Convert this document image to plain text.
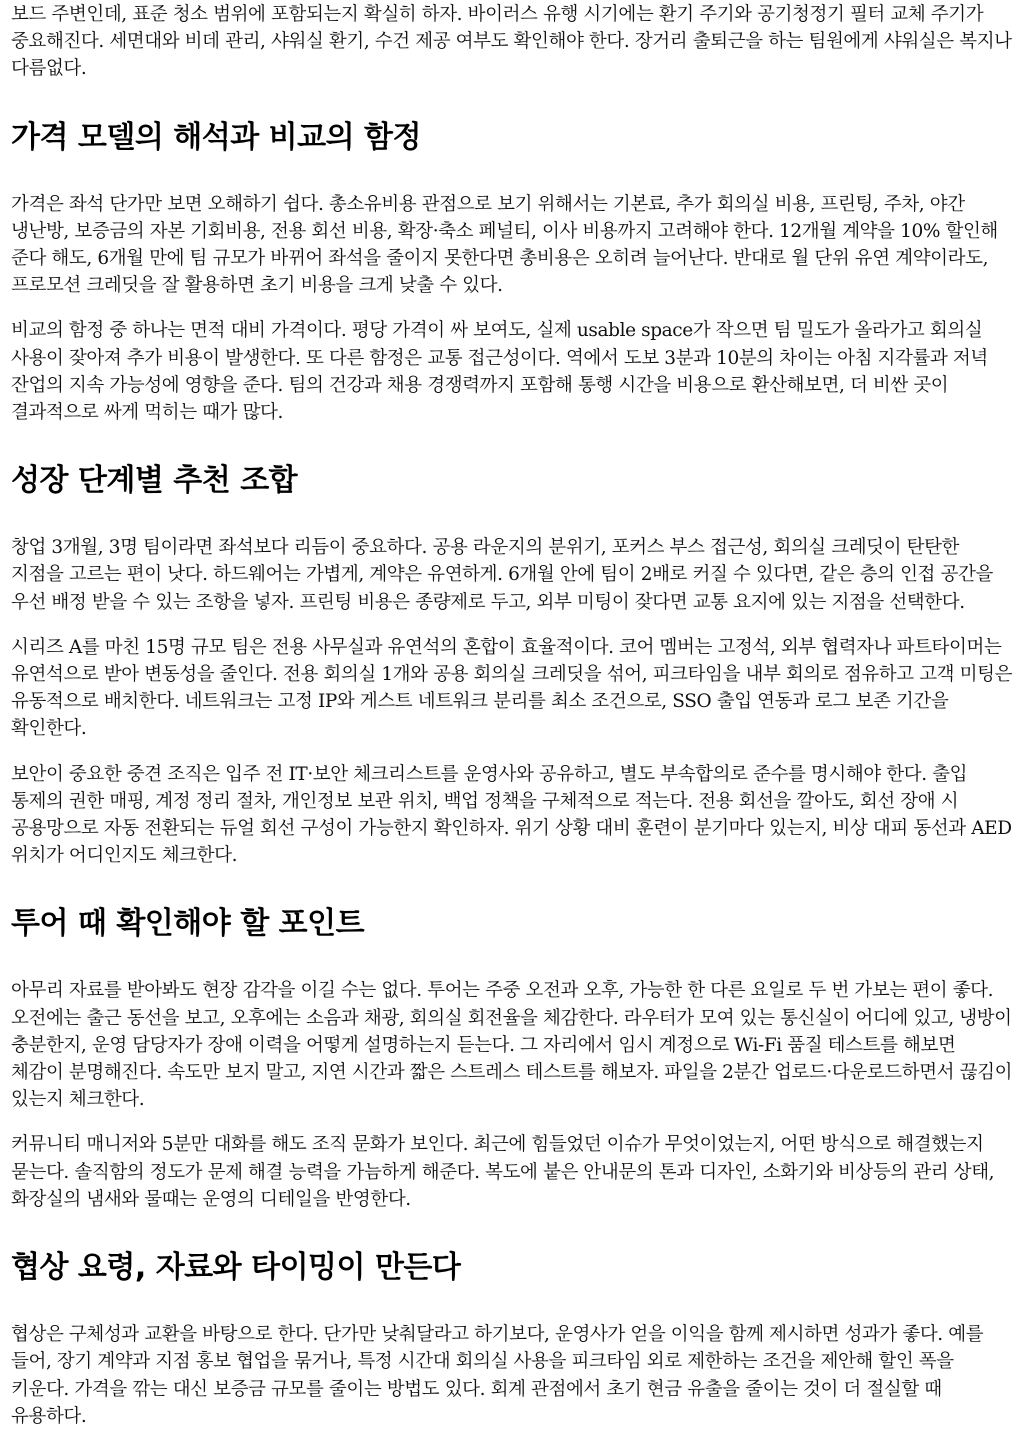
보드 주변인데, 표준 청소 범위에 포함되는지 확실히 하자. 바이러스 유행 시기에는 환기 주기와 공기청정기 필터 교체 주기가 중요해진다. 세면대와 비데 관리, 샤워실 환기, 수건 제공 여부도 확인해야 한다. 장거리 출퇴근을 하는 팀원에게 샤워실은 복지나 다름없다.

가격 모델의 해석과 비교의 함정

가격은 좌석 단가만 보면 오해하기 쉽다. 총소유비용 관점으로 보기 위해서는 기본료, 추가 회의실 비용, 프린팅, 주차, 야간 냉난방, 보증금의 자본 기회비용, 전용 회선 비용, 확장·축소 페널티, 이사 비용까지 고려해야 한다. 12개월 계약을 10% 할인해 준다 해도, 6개월 만에 팀 규모가 바뀌어 좌석을 줄이지 못한다면 총비용은 오히려 늘어난다. 반대로 월 단위 유연 계약이라도, 프로모션 크레딧을 잘 활용하면 초기 비용을 크게 낮출 수 있다.

비교의 함정 중 하나는 면적 대비 가격이다. 평당 가격이 싸 보여도, 실제 usable space가 작으면 팀 밀도가 올라가고 회의실 사용이 잦아져 추가 비용이 발생한다. 또 다른 함정은 교통 접근성이다. 역에서 도보 3분과 10분의 차이는 아침 지각률과 저녁 잔업의 지속 가능성에 영향을 준다. 팀의 건강과 채용 경쟁력까지 포함해 통행 시간을 비용으로 환산해보면, 더 비싼 곳이 결과적으로 싸게 먹히는 때가 많다.

성장 단계별 추천 조합

창업 3개월, 3명 팀이라면 좌석보다 리듬이 중요하다. 공용 라운지의 분위기, 포커스 부스 접근성, 회의실 크레딧이 탄탄한 지점을 고르는 편이 낫다. 하드웨어는 가볍게, 계약은 유연하게. 6개월 안에 팀이 2배로 커질 수 있다면, 같은 층의 인접 공간을 우선 배정 받을 수 있는 조항을 넣자. 프린팅 비용은 종량제로 두고, 외부 미팅이 잦다면 교통 요지에 있는 지점을 선택한다.

시리즈 A를 마친 15명 규모 팀은 전용 사무실과 유연석의 혼합이 효율적이다. 코어 멤버는 고정석, 외부 협력자나 파트타이머는 유연석으로 받아 변동성을 줄인다. 전용 회의실 1개와 공용 회의실 크레딧을 섞어, 피크타임을 내부 회의로 점유하고 고객 미팅은 유동적으로 배치한다. 네트워크는 고정 IP와 게스트 네트워크 분리를 최소 조건으로, SSO 출입 연동과 로그 보존 기간을 확인한다.

보안이 중요한 중견 조직은 입주 전 IT·보안 체크리스트를 운영사와 공유하고, 별도 부속합의로 준수를 명시해야 한다. 출입 통제의 권한 매핑, 계정 정리 절차, 개인정보 보관 위치, 백업 정책을 구체적으로 적는다. 전용 회선을 깔아도, 회선 장애 시 공용망으로 자동 전환되는 듀얼 회선 구성이 가능한지 확인하자. 위기 상황 대비 훈련이 분기마다 있는지, 비상 대피 동선과 AED 위치가 어디인지도 체크한다.

투어 때 확인해야 할 포인트

아무리 자료를 받아봐도 현장 감각을 이길 수는 없다. 투어는 주중 오전과 오후, 가능한 한 다른 요일로 두 번 가보는 편이 좋다. 오전에는 출근 동선을 보고, 오후에는 소음과 채광, 회의실 회전율을 체감한다. 라우터가 모여 있는 통신실이 어디에 있고, 냉방이 충분한지, 운영 담당자가 장애 이력을 어떻게 설명하는지 듣는다. 그 자리에서 임시 계정으로 Wi-Fi 품질 테스트를 해보면 체감이 분명해진다. 속도만 보지 말고, 지연 시간과 짧은 스트레스 테스트를 해보자. 파일을 2분간 업로드·다운로드하면서 끊김이 있는지 체크한다.

커뮤니티 매니저와 5분만 대화를 해도 조직 문화가 보인다. 최근에 힘들었던 이슈가 무엇이었는지, 어떤 방식으로 해결했는지 묻는다. 솔직함의 정도가 문제 해결 능력을 가늠하게 해준다. 복도에 붙은 안내문의 톤과 디자인, 소화기와 비상등의 관리 상태, 화장실의 냄새와 물때는 운영의 디테일을 반영한다.

협상 요령, 자료와 타이밍이 만든다

협상은 구체성과 교환을 바탕으로 한다. 단가만 낮춰달라고 하기보다, 운영사가 얻을 이익을 함께 제시하면 성과가 좋다. 예를 들어, 장기 계약과 지점 홍보 협업을 묶거나, 특정 시간대 회의실 사용을 피크타임 외로 제한하는 조건을 제안해 할인 폭을 키운다. 가격을 깎는 대신 보증금 규모를 줄이는 방법도 있다. 회계 관점에서 초기 현금 유출을 줄이는 것이 더 절실할 때 유용하다.
